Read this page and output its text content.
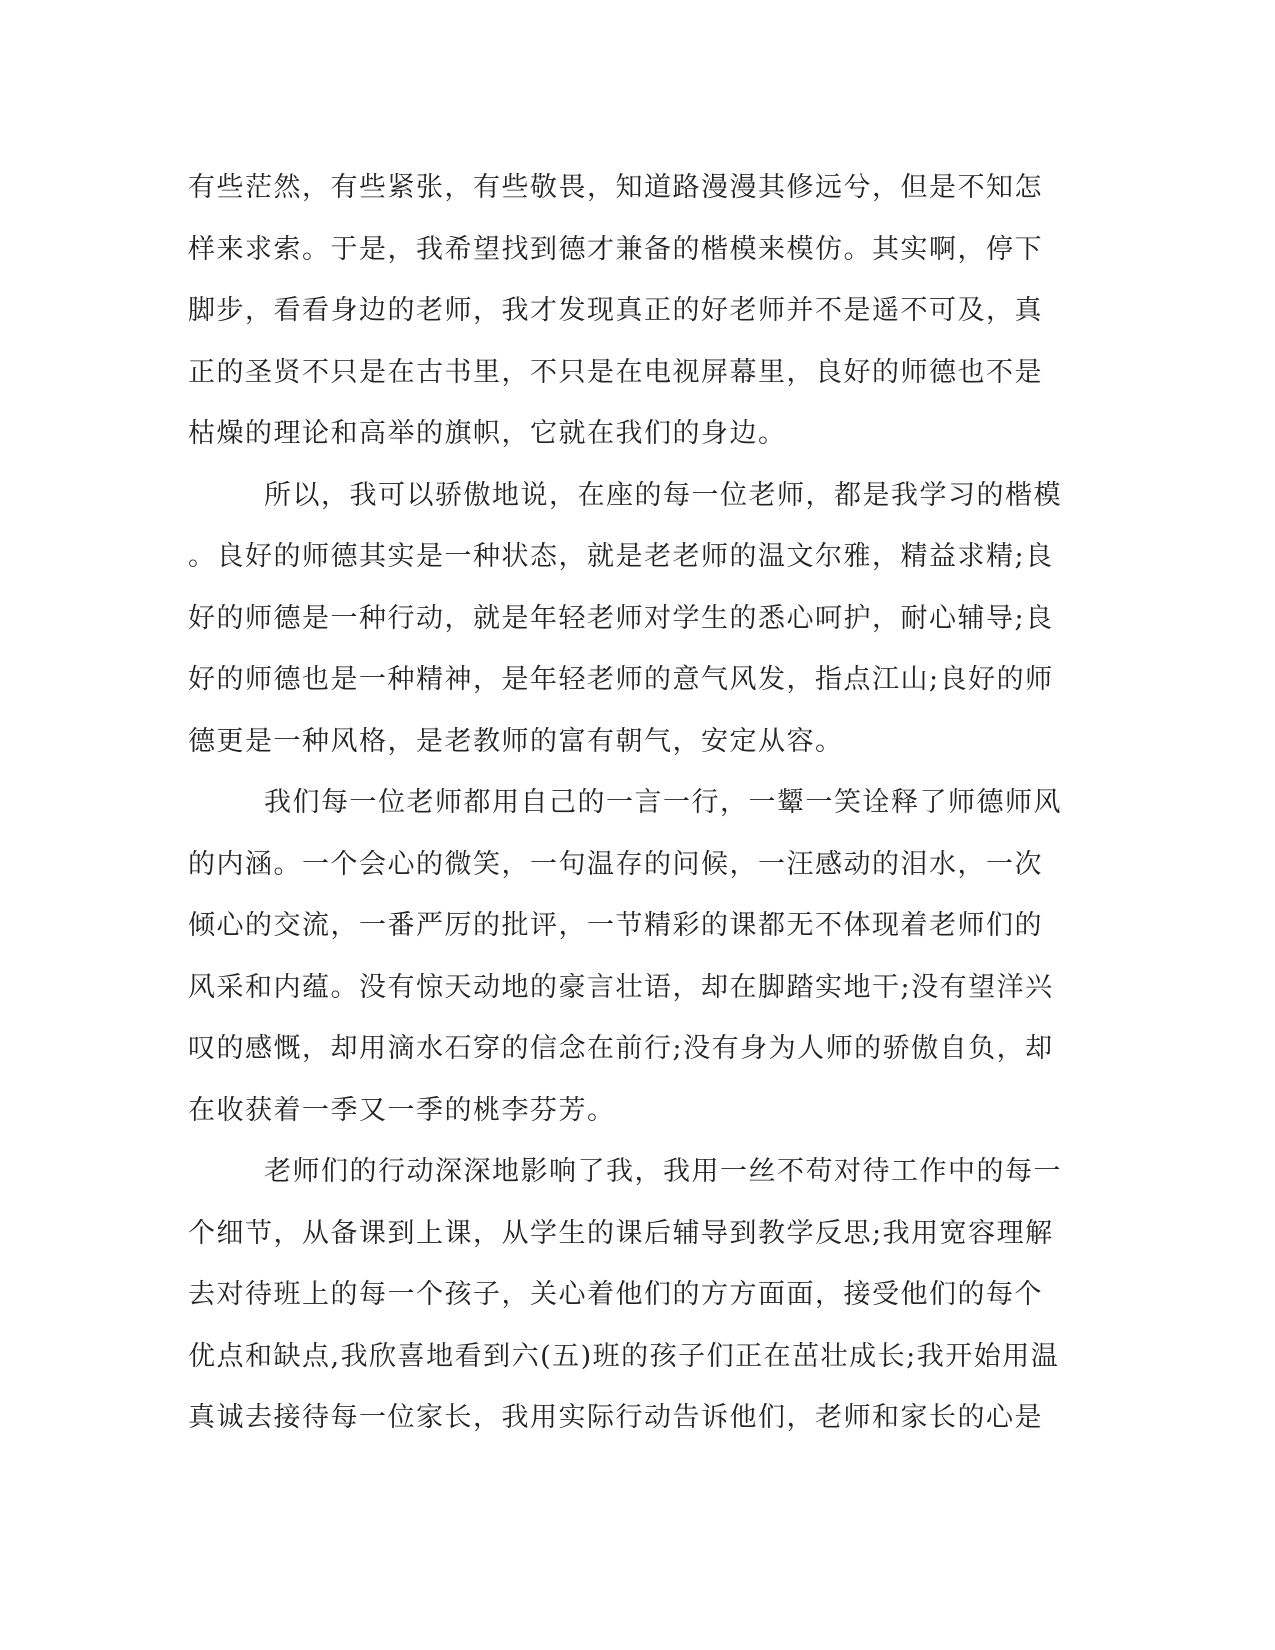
有些茫然，有些紧张，有些敬畏，知道路漫漫其修远兮，但是不知怎
样来求索。于是，我希望找到德才兼备的楷模来模仿。其实啊，停下
脚步，看看身边的老师，我才发现真正的好老师并不是遥不可及，真
正的圣贤不只是在古书里，不只是在电视屏幕里，良好的师德也不是
枯燥的理论和高举的旗帜，它就在我们的身边。
所以，我可以骄傲地说，在座的每一位老师，都是我学习的楷模
。良好的师德其实是一种状态，就是老老师的温文尔雅，精益求精;良
好的师德是一种行动，就是年轻老师对学生的悉心呵护，耐心辅导;良
好的师德也是一种精神，是年轻老师的意气风发，指点江山;良好的师
德更是一种风格，是老教师的富有朝气，安定从容。
我们每一位老师都用自己的一言一行，一颦一笑诠释了师德师风
的内涵。一个会心的微笑，一句温存的问候，一汪感动的泪水，一次
倾心的交流，一番严厉的批评，一节精彩的课都无不体现着老师们的
风采和内蕴。没有惊天动地的豪言壮语，却在脚踏实地干;没有望洋兴
叹的感慨，却用滴水石穿的信念在前行;没有身为人师的骄傲自负，却
在收获着一季又一季的桃李芬芳。
老师们的行动深深地影响了我，我用一丝不苟对待工作中的每一
个细节，从备课到上课，从学生的课后辅导到教学反思;我用宽容理解
去对待班上的每一个孩子，关心着他们的方方面面，接受他们的每个
优点和缺点,我欣喜地看到六(五)班的孩子们正在茁壮成长;我开始用温
真诚去接待每一位家长，我用实际行动告诉他们，老师和家长的心是
